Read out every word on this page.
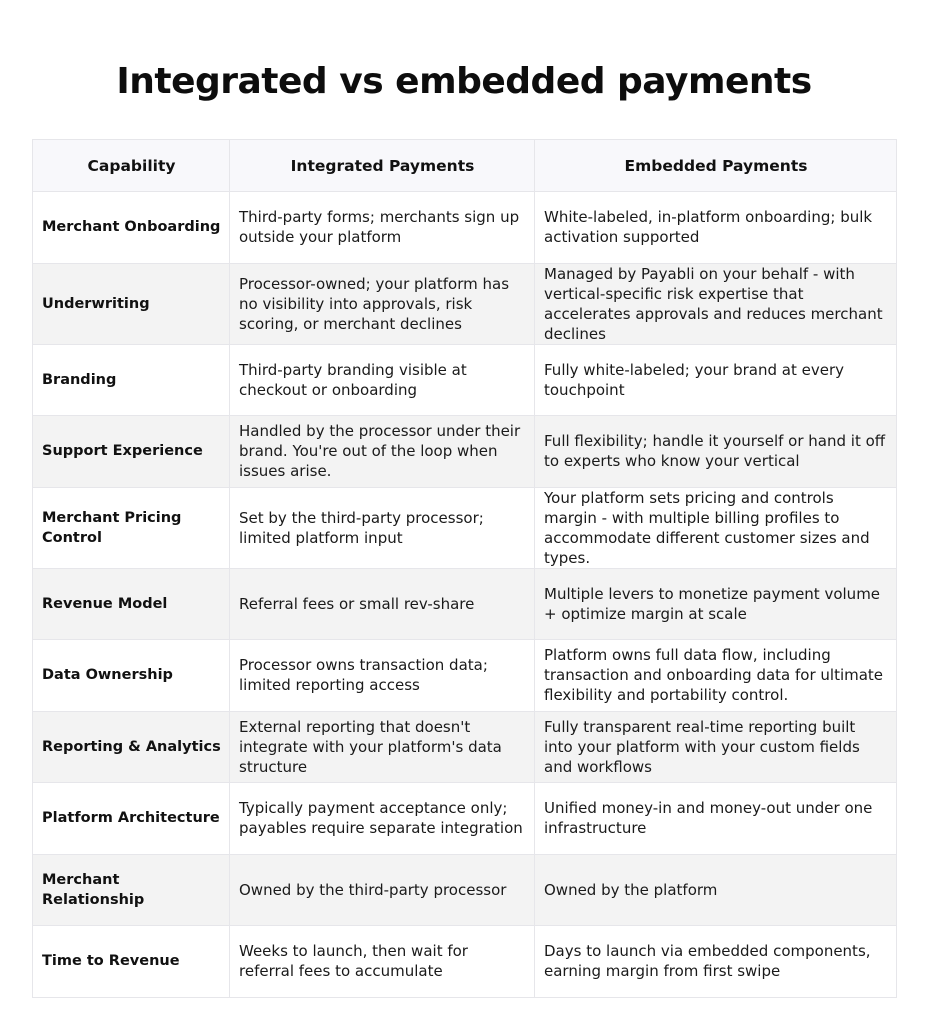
Integrated vs embedded payments
Capability	Integrated Payments	Embedded Payments
Merchant Onboarding	Third-party forms; merchants sign up outside your platform	White-labeled, in-platform onboarding; bulk activation supported
Underwriting	Processor-owned; your platform has no visibility into approvals, risk scoring, or merchant declines	Managed by Payabli on your behalf - with vertical-specific risk expertise that accelerates approvals and reduces merchant declines
Branding	Third-party branding visible at checkout or onboarding	Fully white-labeled; your brand at every touchpoint
Support Experience	Handled by the processor under their brand. You're out of the loop when issues arise.	Full flexibility; handle it yourself or hand it off to experts who know your vertical
Merchant Pricing Control	Set by the third-party processor; limited platform input	Your platform sets pricing and controls margin - with multiple billing profiles to accommodate different customer sizes and types.
Revenue Model	Referral fees or small rev-share	Multiple levers to monetize payment volume + optimize margin at scale
Data Ownership	Processor owns transaction data; limited reporting access	Platform owns full data flow, including transaction and onboarding data for ultimate flexibility and portability control.
Reporting & Analytics	External reporting that doesn't integrate with your platform's data structure	Fully transparent real-time reporting built into your platform with your custom fields and workflows
Platform Architecture	Typically payment acceptance only; payables require separate integration	Unified money-in and money-out under one infrastructure
Merchant Relationship	Owned by the third-party processor	Owned by the platform
Time to Revenue	Weeks to launch, then wait for referral fees to accumulate	Days to launch via embedded components, earning margin from first swipe
